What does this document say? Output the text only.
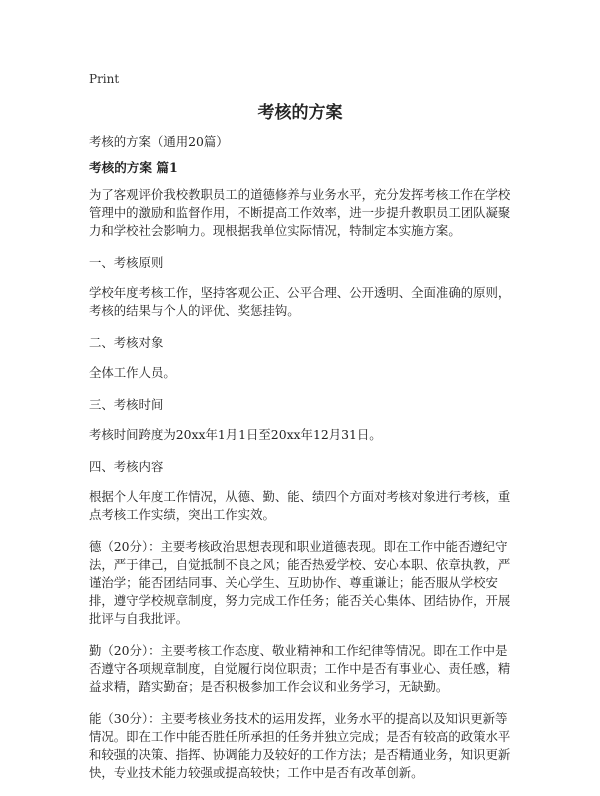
Print
考核的方案

考核的方案（通用20篇）

考核的方案 篇1

为了客观评价我校教职员工的道德修养与业务水平，充分发挥考核工作在学校管理中的激励和监督作用，不断提高工作效率，进一步提升教职员工团队凝聚力和学校社会影响力。现根据我单位实际情况，特制定本实施方案。

一、考核原则

学校年度考核工作，坚持客观公正、公平合理、公开透明、全面准确的原则，考核的结果与个人的评优、奖惩挂钩。

二、考核对象

全体工作人员。

三、考核时间

考核时间跨度为20xx年1月1日至20xx年12月31日。

四、考核内容

根据个人年度工作情况，从德、勤、能、绩四个方面对考核对象进行考核，重点考核工作实绩，突出工作实效。

德（20分）：主要考核政治思想表现和职业道德表现。即在工作中能否遵纪守法，严于律己，自觉抵制不良之风；能否热爱学校、安心本职、依章执教，严谨治学；能否团结同事、关心学生、互助协作、尊重谦让；能否服从学校安排，遵守学校规章制度，努力完成工作任务；能否关心集体、团结协作，开展批评与自我批评。

勤（20分）：主要考核工作态度、敬业精神和工作纪律等情况。即在工作中是否遵守各项规章制度，自觉履行岗位职责；工作中是否有事业心、责任感，精益求精，踏实勤奋；是否积极参加工作会议和业务学习，无缺勤。

能（30分）：主要考核业务技术的运用发挥，业务水平的提高以及知识更新等情况。即在工作中能否胜任所承担的任务并独立完成；是否有较高的政策水平和较强的决策、指挥、协调能力及较好的工作方法；是否精通业务，知识更新快，专业技术能力较强或提高较快；工作中是否有改革创新。
